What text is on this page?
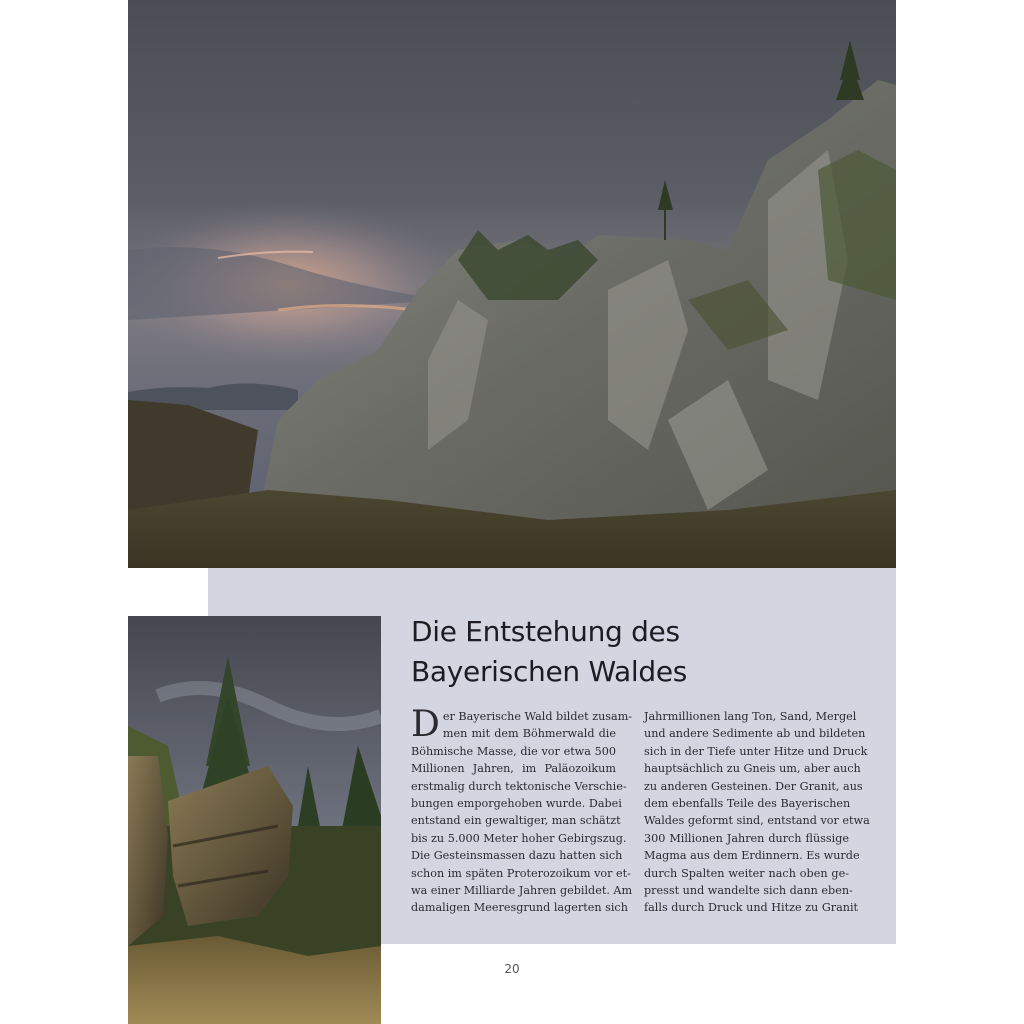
Die Entstehung des
Bayerischen Waldes
D er Bayerische Wald bildet zusam-
men mit dem Böhmerwald die
Böhmische Masse, die vor etwa 500
Millionen Jahren, im Paläozoikum
erstmalig durch tektonische Verschie-
bungen emporgehoben wurde. Dabei
entstand ein gewaltiger, man schätzt
bis zu 5.000 Meter hoher Gebirgszug.
Die Gesteinsmassen dazu hatten sich
schon im späten Proterozoikum vor et-
wa einer Milliarde Jahren gebildet. Am
damaligen Meeresgrund lagerten sich
Jahrmillionen lang Ton, Sand, Mergel
und andere Sedimente ab und bildeten
sich in der Tiefe unter Hitze und Druck
hauptsächlich zu Gneis um, aber auch
zu anderen Gesteinen. Der Granit, aus
dem ebenfalls Teile des Bayerischen
Waldes geformt sind, entstand vor etwa
300 Millionen Jahren durch flüssige
Magma aus dem Erdinnern. Es wurde
durch Spalten weiter nach oben ge-
presst und wandelte sich dann eben-
falls durch Druck und Hitze zu Granit
20
